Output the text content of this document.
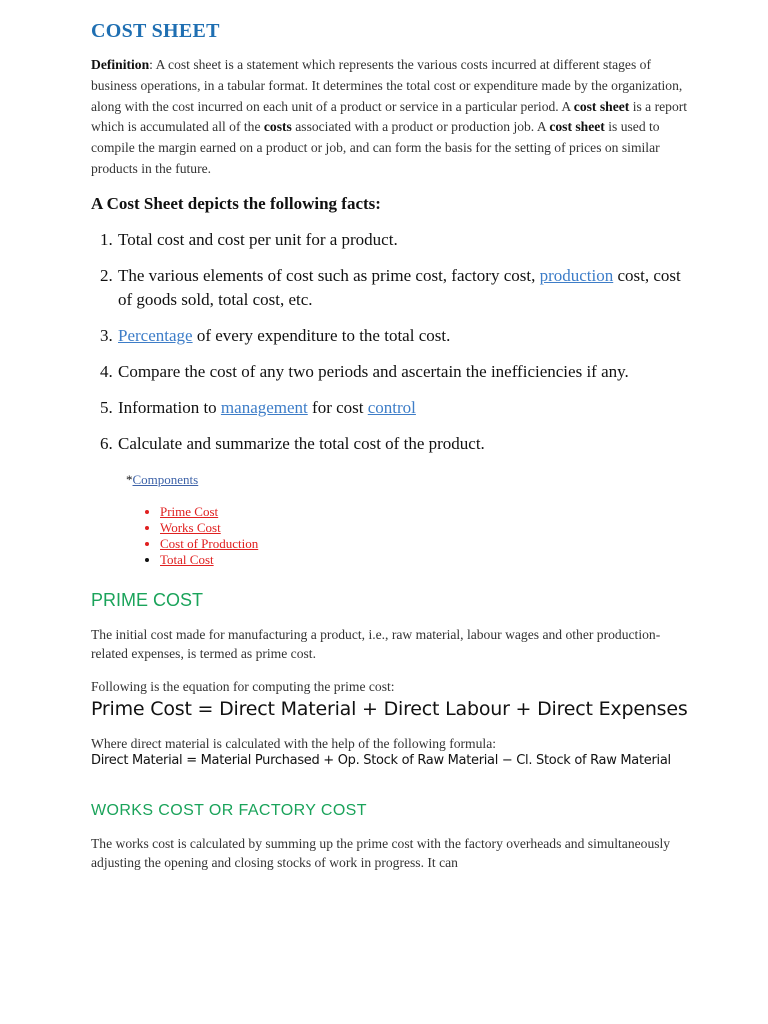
COST SHEET
Definition: A cost sheet is a statement which represents the various costs incurred at different stages of business operations, in a tabular format. It determines the total cost or expenditure made by the organization, along with the cost incurred on each unit of a product or service in a particular period. A cost sheet is a report which is accumulated all of the costs associated with a product or production job. A cost sheet is used to compile the margin earned on a product or job, and can form the basis for the setting of prices on similar products in the future.
A Cost Sheet depicts the following facts:
1. Total cost and cost per unit for a product.
2. The various elements of cost such as prime cost, factory cost, production cost, cost of goods sold, total cost, etc.
3. Percentage of every expenditure to the total cost.
4. Compare the cost of any two periods and ascertain the inefficiencies if any.
5. Information to management for cost control
6. Calculate and summarize the total cost of the product.
*Components
• Prime Cost
• Works Cost
• Cost of Production
• Total Cost
PRIME COST
The initial cost made for manufacturing a product, i.e., raw material, labour wages and other production-related expenses, is termed as prime cost.
Following is the equation for computing the prime cost:
Prime Cost = Direct Material + Direct Labour + Direct Expenses
Where direct material is calculated with the help of the following formula:
Direct Material = Material Purchased + Op. Stock of Raw Material − Cl. Stock of Raw Material
WORKS COST OR FACTORY COST
The works cost is calculated by summing up the prime cost with the factory overheads and simultaneously adjusting the opening and closing stocks of work in progress. It can
